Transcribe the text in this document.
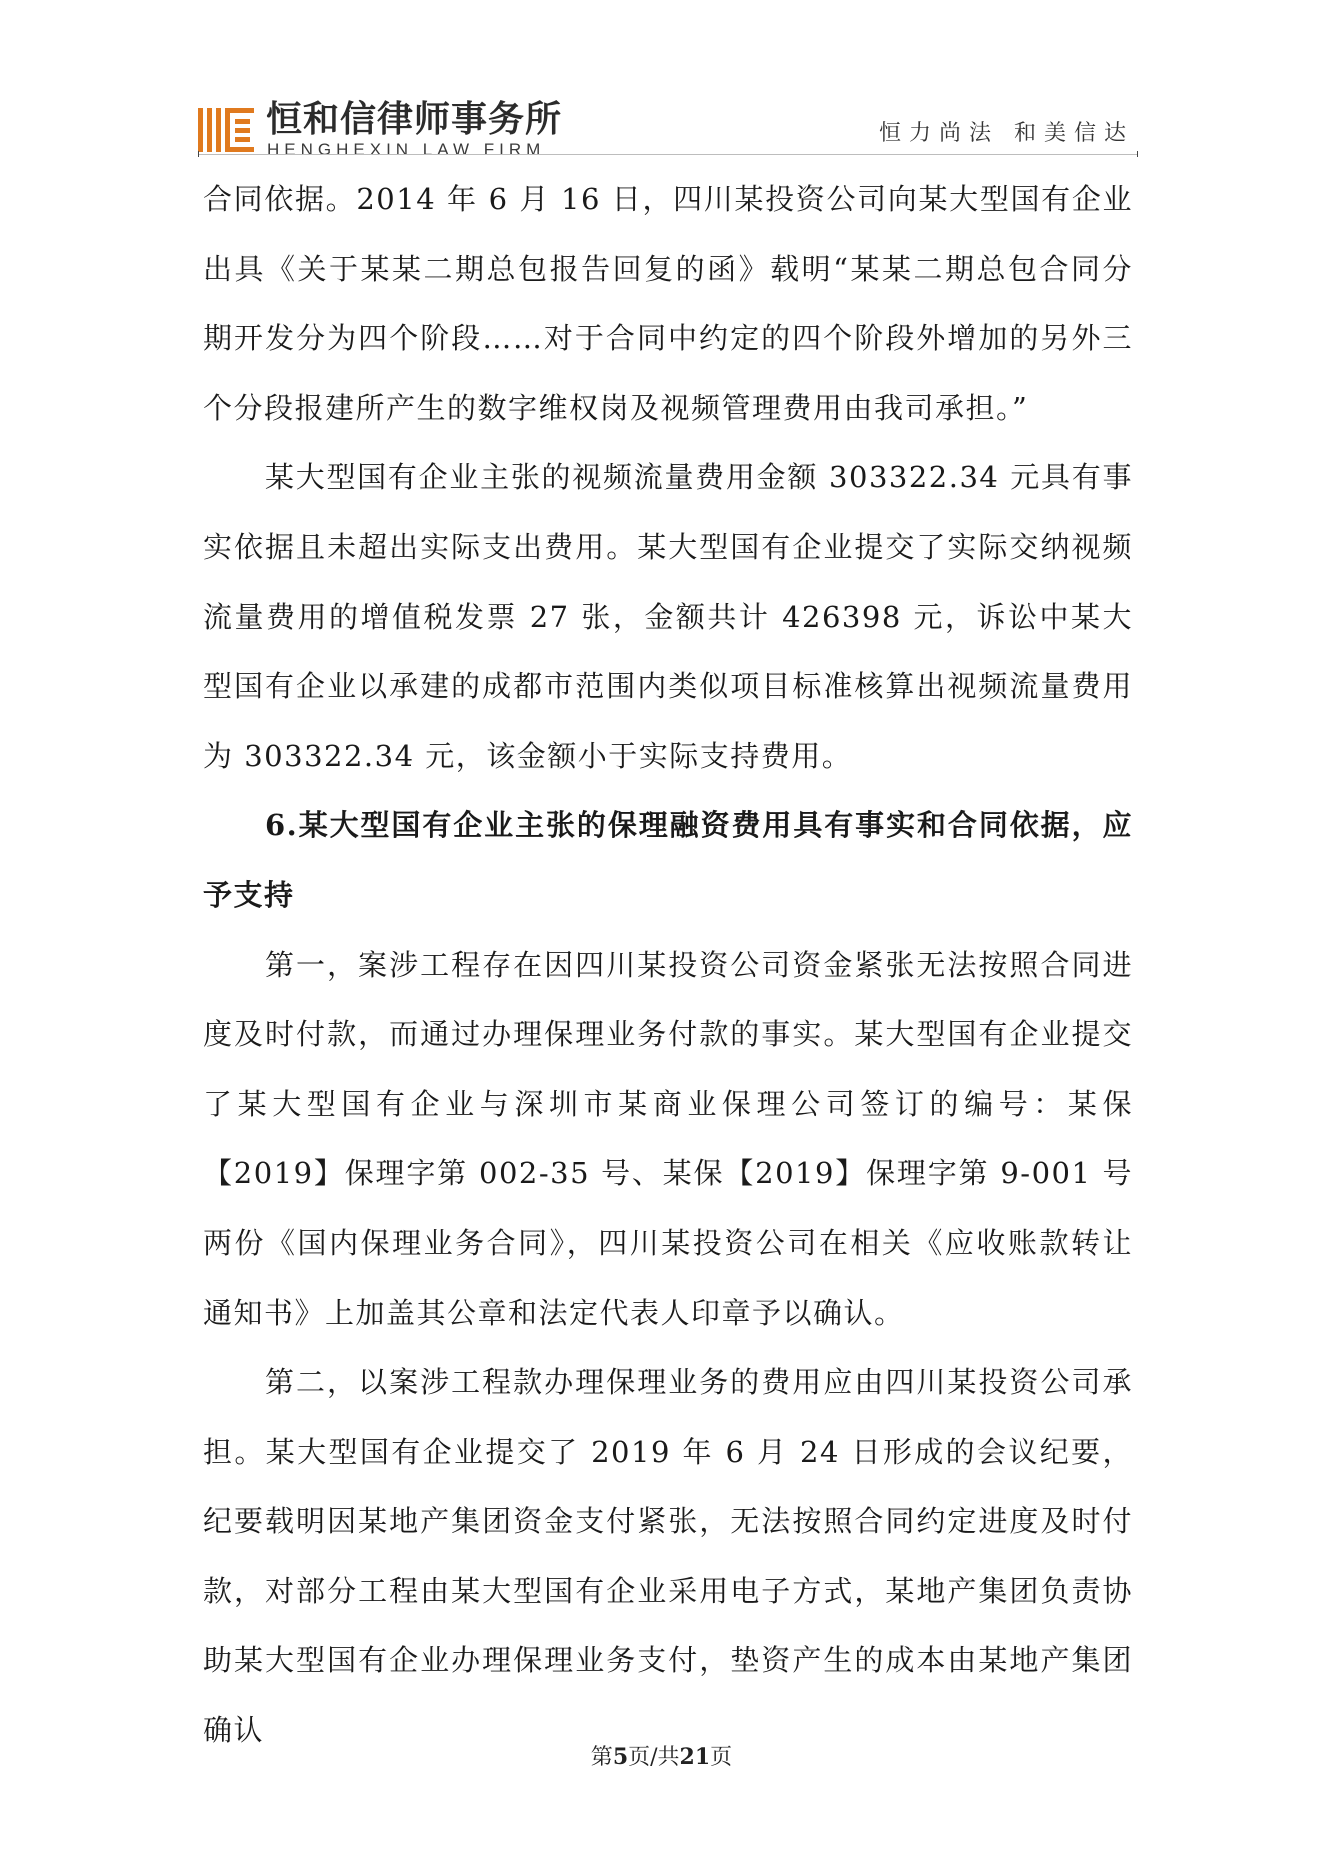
恒和信律师事务所
HENGHEXIN LAW FIRM
恒力尚法 和美信达

合同依据。2014 年 6 月 16 日，四川某投资公司向某大型国有企业出具《关于某某二期总包报告回复的函》载明“某某二期总包合同分期开发分为四个阶段……对于合同中约定的四个阶段外增加的另外三个分段报建所产生的数字维权岗及视频管理费用由我司承担。”

某大型国有企业主张的视频流量费用金额 303322.34 元具有事实依据且未超出实际支出费用。某大型国有企业提交了实际交纳视频流量费用的增值税发票 27 张，金额共计 426398 元，诉讼中某大型国有企业以承建的成都市范围内类似项目标准核算出视频流量费用为 303322.34 元，该金额小于实际支持费用。

6.某大型国有企业主张的保理融资费用具有事实和合同依据，应予支持

第一，案涉工程存在因四川某投资公司资金紧张无法按照合同进度及时付款，而通过办理保理业务付款的事实。某大型国有企业提交了某大型国有企业与深圳市某商业保理公司签订的编号：某保【2019】保理字第 002-35 号、某保【2019】保理字第 9-001 号两份《国内保理业务合同》，四川某投资公司在相关《应收账款转让通知书》上加盖其公章和法定代表人印章予以确认。

第二，以案涉工程款办理保理业务的费用应由四川某投资公司承担。某大型国有企业提交了 2019 年 6 月 24 日形成的会议纪要，纪要载明因某地产集团资金支付紧张，无法按照合同约定进度及时付款，对部分工程由某大型国有企业采用电子方式，某地产集团负责协助某大型国有企业办理保理业务支付，垫资产生的成本由某地产集团确认

第5页/共21页
